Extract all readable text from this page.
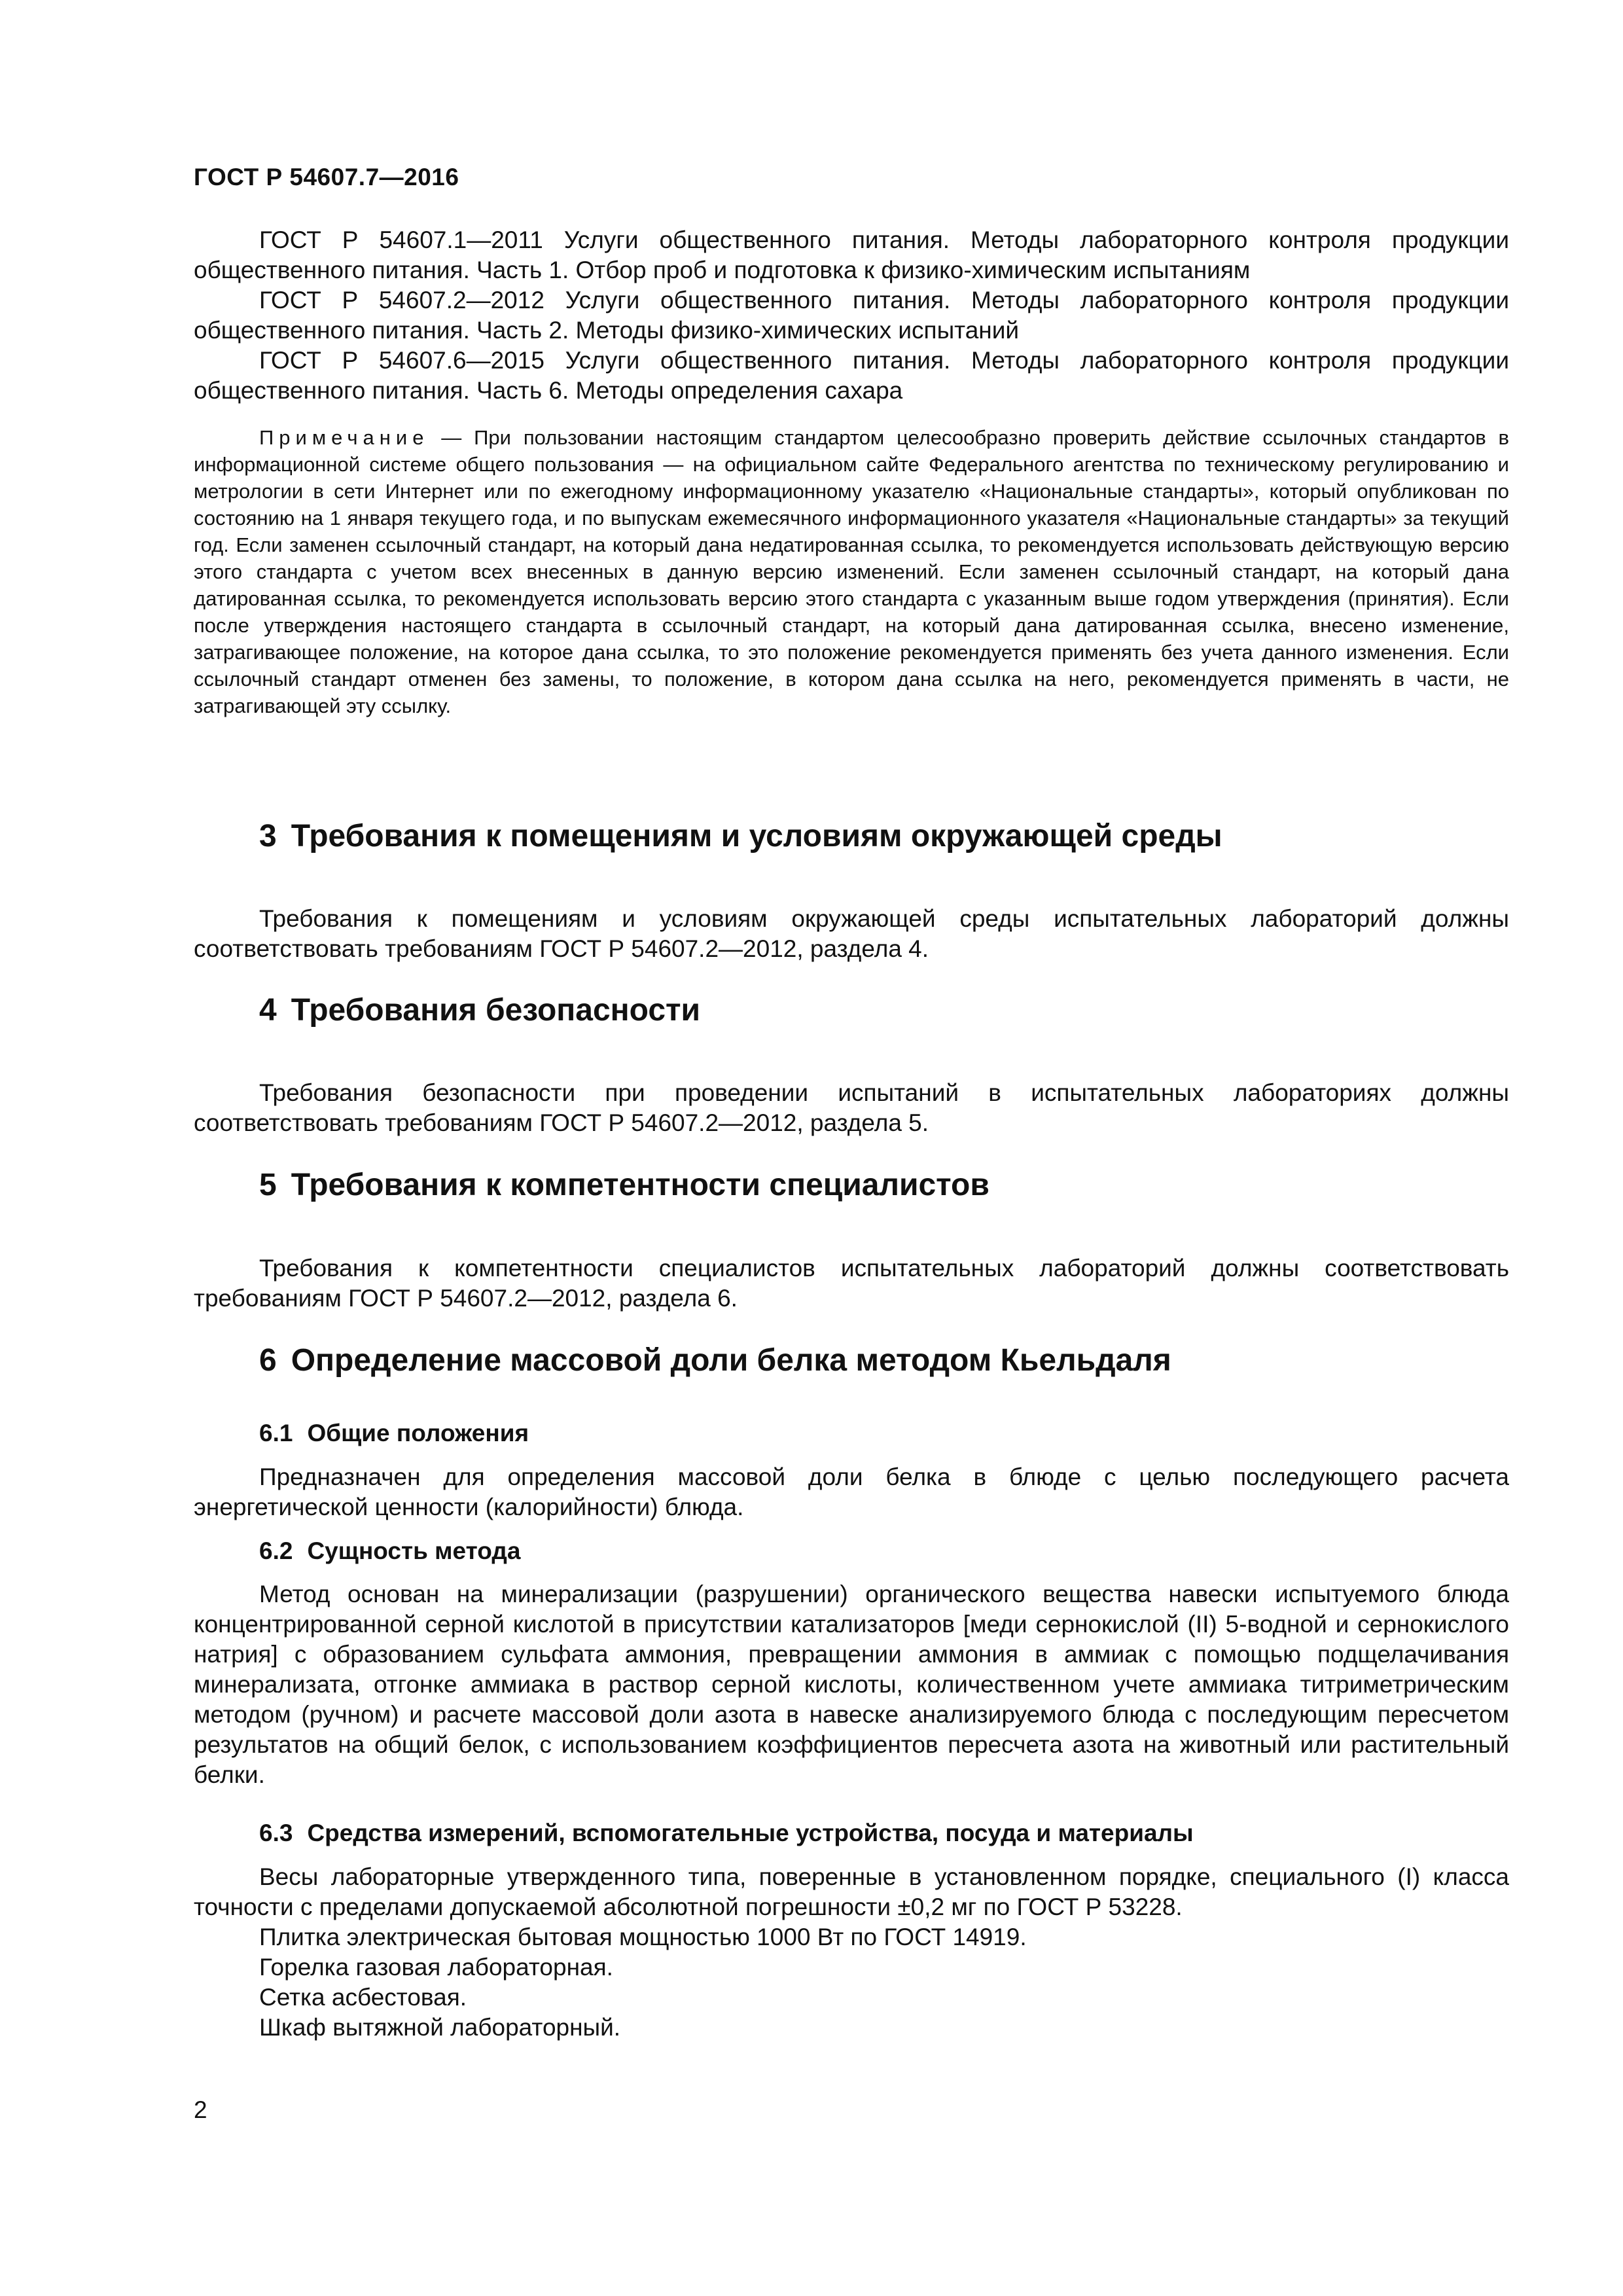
ГОСТ Р 54607.7—2016

ГОСТ Р 54607.1—2011 Услуги общественного питания. Методы лабораторного контроля продукции общественного питания. Часть 1. Отбор проб и подготовка к физико-химическим испытаниям

ГОСТ Р 54607.2—2012 Услуги общественного питания. Методы лабораторного контроля продукции общественного питания. Часть 2. Методы физико-химических испытаний

ГОСТ Р 54607.6—2015 Услуги общественного питания. Методы лабораторного контроля продукции общественного питания. Часть 6. Методы определения сахара

Примечание — При пользовании настоящим стандартом целесообразно проверить действие ссылочных стандартов в информационной системе общего пользования — на официальном сайте Федерального агентства по техническому регулированию и метрологии в сети Интернет или по ежегодному информационному указателю «Национальные стандарты», который опубликован по состоянию на 1 января текущего года, и по выпускам ежемесячного информационного указателя «Национальные стандарты» за текущий год. Если заменен ссылочный стандарт, на который дана недатированная ссылка, то рекомендуется использовать действующую версию этого стандарта с учетом всех внесенных в данную версию изменений. Если заменен ссылочный стандарт, на который дана датированная ссылка, то рекомендуется использовать версию этого стандарта с указанным выше годом утверждения (принятия). Если после утверждения настоящего стандарта в ссылочный стандарт, на который дана датированная ссылка, внесено изменение, затрагивающее положение, на которое дана ссылка, то это положение рекомендуется применять без учета данного изменения. Если ссылочный стандарт отменен без замены, то положение, в котором дана ссылка на него, рекомендуется применять в части, не затрагивающей эту ссылку.

3 Требования к помещениям и условиям окружающей среды

Требования к помещениям и условиям окружающей среды испытательных лабораторий должны соответствовать требованиям ГОСТ Р 54607.2—2012, раздела 4.

4 Требования безопасности

Требования безопасности при проведении испытаний в испытательных лабораториях должны соответствовать требованиям ГОСТ Р 54607.2—2012, раздела 5.

5 Требования к компетентности специалистов

Требования к компетентности специалистов испытательных лабораторий должны соответствовать требованиям ГОСТ Р 54607.2—2012, раздела 6.

6 Определение массовой доли белка методом Кьельдаля
6.1 Общие положения

Предназначен для определения массовой доли белка в блюде с целью последующего расчета энергетической ценности (калорийности) блюда.

6.2 Сущность метода

Метод основан на минерализации (разрушении) органического вещества навески испытуемого блюда концентрированной серной кислотой в присутствии катализаторов [меди сернокислой (II) 5-водной и сернокислого натрия] с образованием сульфата аммония, превращении аммония в аммиак с помощью подщелачивания минерализата, отгонке аммиака в раствор серной кислоты, количественном учете аммиака титриметрическим методом (ручном) и расчете массовой доли азота в навеске анализируемого блюда с последующим пересчетом результатов на общий белок, с использованием коэффициентов пересчета азота на животный или растительный белки.

6.3 Средства измерений, вспомогательные устройства, посуда и материалы

Весы лабораторные утвержденного типа, поверенные в установленном порядке, специального (I) класса точности с пределами допускаемой абсолютной погрешности ±0,2 мг по ГОСТ Р 53228.

Плитка электрическая бытовая мощностью 1000 Вт по ГОСТ 14919.

Горелка газовая лабораторная.

Сетка асбестовая.

Шкаф вытяжной лабораторный.

2
